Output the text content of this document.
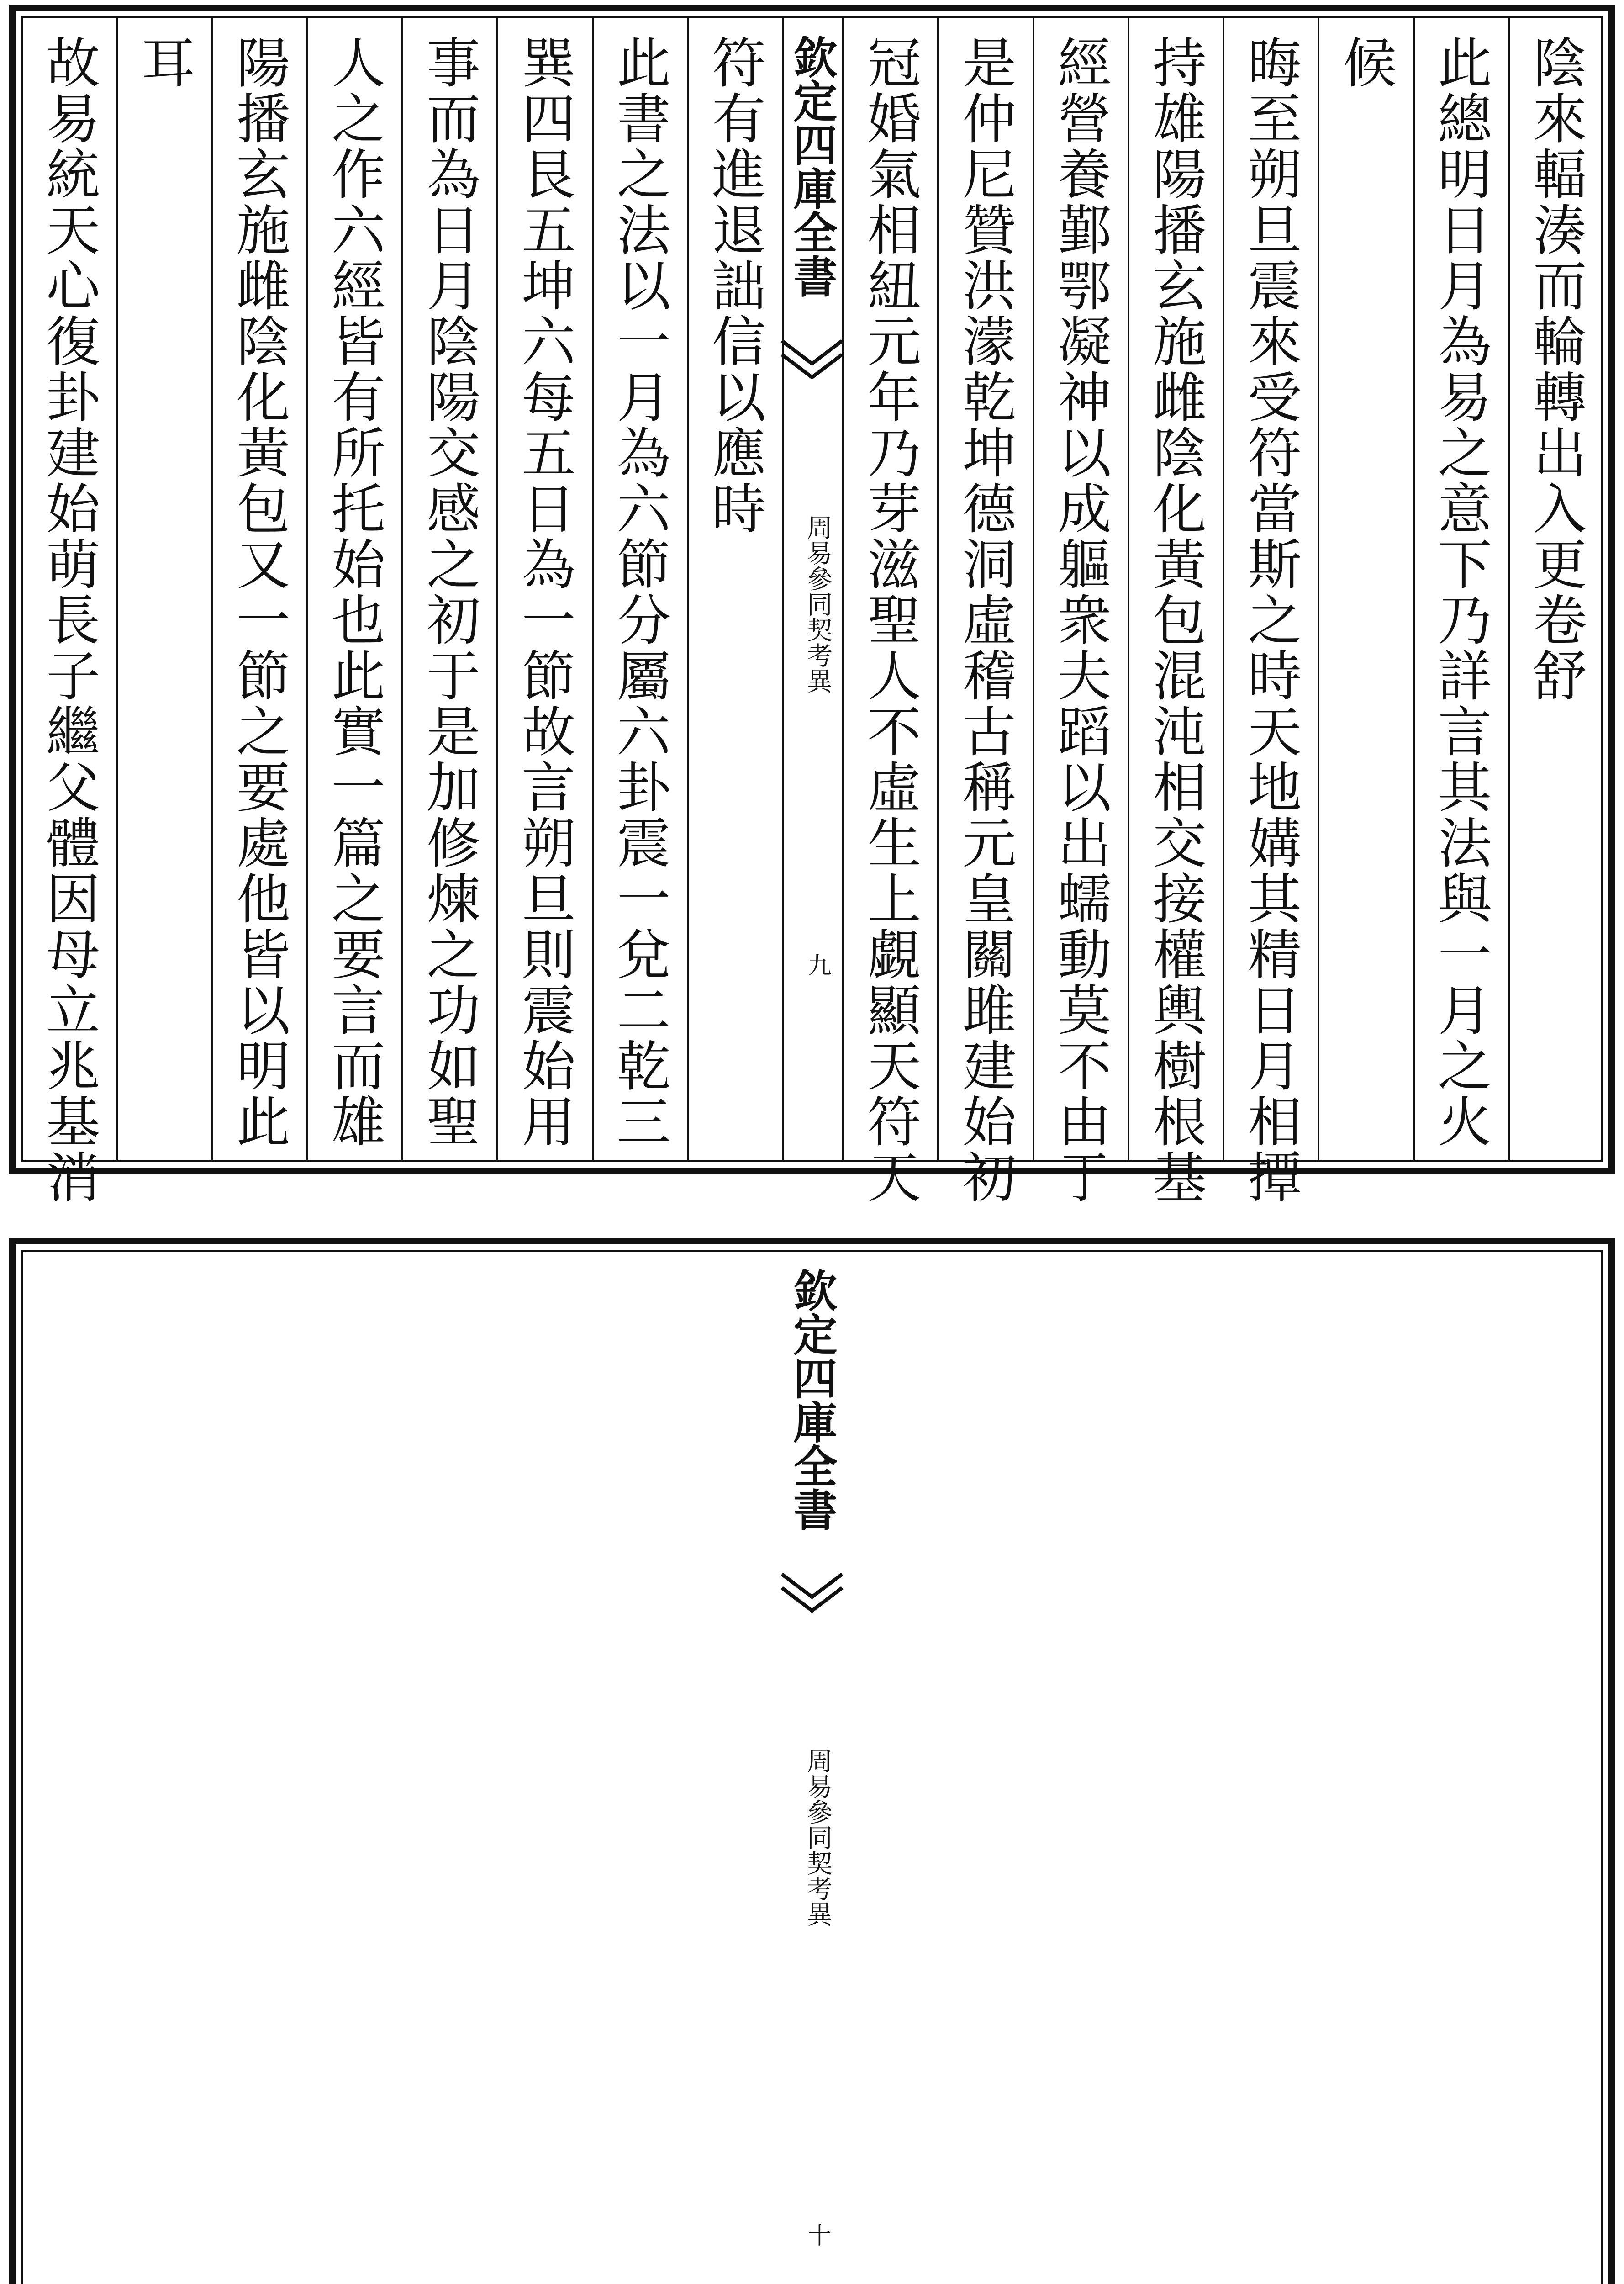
陰來輻湊而輪轉出入更卷舒
此總明日月為易之意下乃詳言其法與一月之火
候
晦至朔旦震來受符當斯之時天地媾其精日月相撢
持雄陽播玄施雌陰化黃包混沌相交接權輿樹根基
經營養鄞鄂凝神以成軀衆夫蹈以出蠕動莫不由于
是仲尼贊洪濛乾坤德洞虛稽古稱元皇關雎建始初
冠婚氣相紐元年乃芽滋聖人不虛生上覷顯天符天
符有進退詘信以應時
此書之法以一月為六節分屬六卦震一兌二乾三
巽四艮五坤六每五日為一節故言朔旦則震始用
事而為日月陰陽交感之初于是加修煉之功如聖
人之作六經皆有所托始也此實一篇之要言而雄
陽播玄施雌陰化黃包又一節之要處他皆以明此
耳
故易統天心復卦建始萌長子繼父體因母立兆基消	欽定四庫全書
周易參同契考異
九
欽定四庫全書
周易參同契考異
十
